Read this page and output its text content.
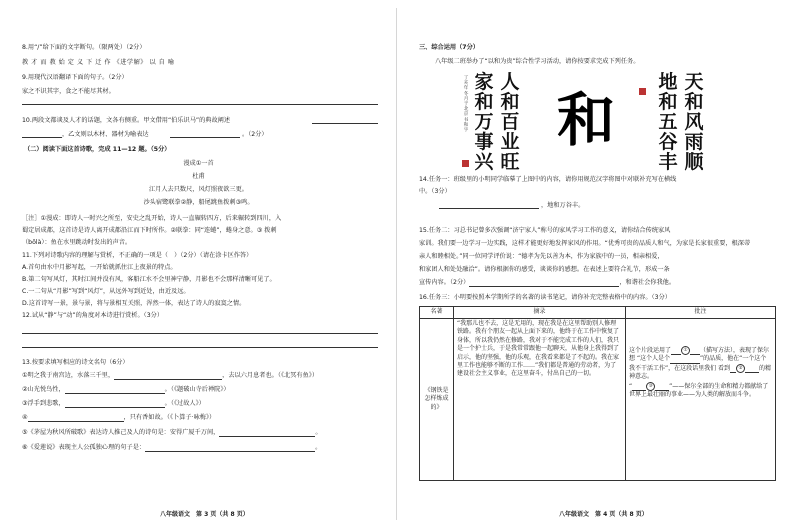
8.用“/”给下面的文字断句。（限两处）（2分）
教 才 而 教 始 定 义 下 迁 作 《进学解》 以 自 喻
9.用现代汉语翻译下面的句子。（2分）
家之不识其字，食之不能尽其材。
10.两段文都谈及人才的话题，文各有侧重。甲文借用“伯乐识马”的典故阐述
，乙文则以木材、器材为喻表达	。（2分）
（二）阅读下面这首诗歌，完成 11—12 题。（5分）
漫成①一首
杜甫
江月人去只数尺，风灯照夜欲三更。
沙头宿鹭联拳②静，船尾跳鱼拨刺③鸣。
［注］①漫成：即诗人一时兴之所至，安史之乱开始，诗人一直辗转四方，后来辗转到四川，入
蜀定居成都，这首诗是诗人离开成都沿江而下时所作。②联拳：同“连蜷”，蜷身之意。③ 拨刺
（bōlà）：鱼在水里跳动时发出的声音。
11.下列对诗歌内容的理解与赏析，不正确的一项是（　）（2分）（请在涂卡区作答）
A.首句由水中月影写起，一开始就抓住江上夜景的特点。
B.第二句写风灯，其时江间并没有风，客船江水不会里神宁静，月影也不会那样清晰可见了。
C.一二句从“月影”写到“风灯”，从远外写到近处，由近及远。
D.这首诗写一景，景与景，将与景相互关照，浑然一体，表达了诗人的寂寞之情。
12.试从“静”与“动”的角度对本诗进行赏析。（3分）
13.按要求填写相应的诗文名句（6分）
①明之我于南宫边，水落三千里，	，去以六月息者也。（《北冥有鱼》）
②山光悦鸟性，	。（《题破山寺后禅院》）
③浮手到悲歌，	。（《过故人》）
④	，只有香如故。（《卜算子·咏梅》）
⑤《茅屋为秋风所破歌》表达诗人推己及人的诗句是：安得广厦千万间，	。
⑥《爱莲说》表现主人公孤独心理的句子是：	。
八年级语文　第 3 页（共 8 页）
三、综合运用（7分）
八年级二班举办了“以和为贵”综合性学习活动，请你按要求完成下列任务。
丁亥年冬月于北京书和字
家和万事兴
人和百业旺
和
地和五谷丰
天和风雨顺
14.任务一：班级里的小明同学临摹了上图中的内容，请你用规范汉字将图中对联补充写在横线
中。（3分）
，地和万谷丰。
15.任务二：习总书记曾多次强调“济宁家人”称号的家风学习工作的意义，请你结合传统家风
家训。我们要一边学习一边实践，这样才能更好地发挥家风的作用。“优秀可贵的品质人和气，为家是长家很重要，根深蒂
亲人和睦相处。”同一位同学评价说：“德孝为先以善为本，作为家族中的一员，相亲相爱，
和家团人和处处融洽”。请你根据你的感受，谈谈你的感想。在表述上要符合礼节，形成一条
宣传内容。（2分）	，和谐社会你我他。
16.任务三：小明要按照本学期所学的名著的读书笔记，请你补充完整表格中的内容。（3分）
名著	摘录	批注
《钢铁是怎样炼成的》	“我那儿也不去，这是无用的，现在我是在这里帮助别人修理铁路。我有个朋友一起从上面下来的，他终于在工作中恢复了身体，所以我仍然在修路，我对于不能完成工作的人们，我只是一个护士兵，于是我常常跟他一起聊天，从他身上我得到了启示，他的坚强，他的乐观，在我看来都是了不起的。我在家里工作也能够不断的工作……”我们都是普通的劳动者，为了建设社会主义事业，在这里奋斗，付出自己的一切。	这个片段运用了 ① （描写方法），表现了保尔想 “这个人是个 ”的品质，他在“一个这个我不干活工作”，在这段话里我们 看到 ② 的精神意志。
“ ③ ”——保尔全部的生命和精力都献给了世界上最壮丽的事业——为人类的解放而斗争。
八年级语文　第 4 页（共 8 页）
